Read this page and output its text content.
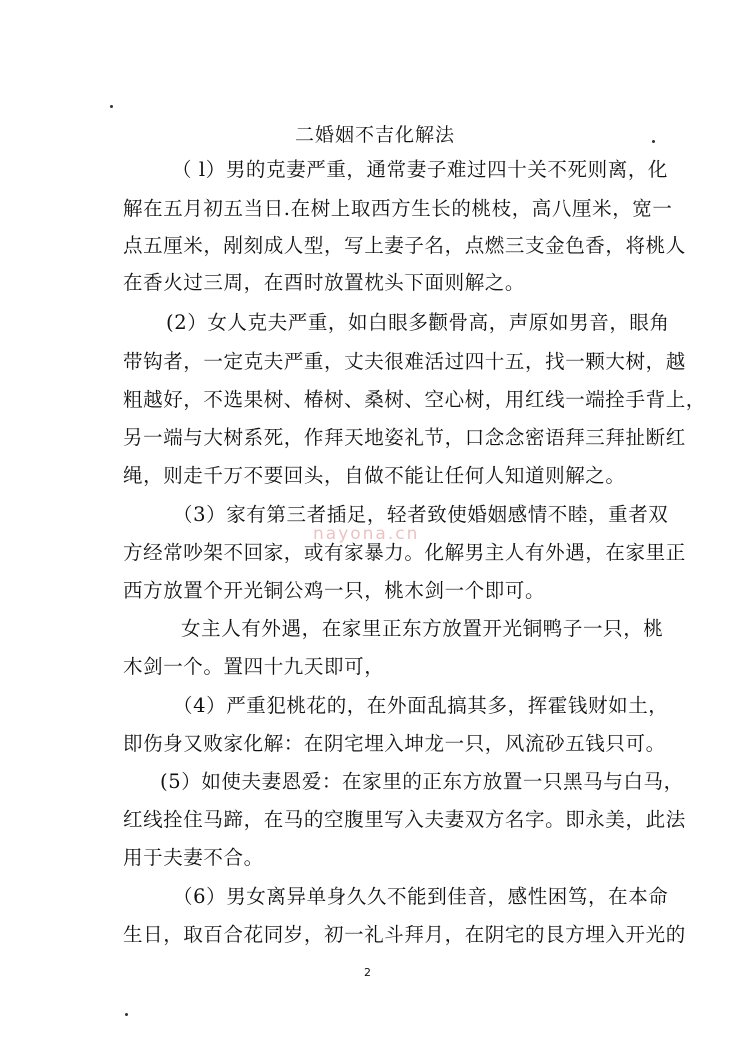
二婚姻不吉化解法
（ l）男的克妻严重，通常妻子难过四十关不死则离，化
解在五月初五当日.在树上取西方生长的桃枝，高八厘米，宽一
点五厘米，剐刻成人型，写上妻子名，点燃三支金色香，将桃人
在香火过三周，在酉时放置枕头下面则解之。
(2）女人克夫严重，如白眼多颧骨高，声原如男音，眼角
带钩者，一定克夫严重，丈夫很难活过四十五，找一颗大树，越
粗越好，不选果树、椿树、桑树、空心树，用红线一端拴手背上，
另一端与大树系死，作拜天地姿礼节，口念念密语拜三拜扯断红
绳，则走千万不要回头，自做不能让任何人知道则解之。
（3）家有第三者插足，轻者致使婚姻感情不睦，重者双
方经常吵架不回家，或有家暴力。化解男主人有外遇，在家里正
西方放置个开光铜公鸡一只，桃木剑一个即可。
女主人有外遇，在家里正东方放置开光铜鸭子一只，桃
木剑一个。置四十九天即可，
（4）严重犯桃花的，在外面乱搞其多，挥霍钱财如土，
即伤身又败家化解：在阴宅埋入坤龙一只，风流砂五钱只可。
(5）如使夫妻恩爱：在家里的正东方放置一只黑马与白马，
红线拴住马蹄，在马的空腹里写入夫妻双方名字。即永美，此法
用于夫妻不合。
（6）男女离异单身久久不能到佳音，感性困笃，在本命
生日，取百合花同岁，初一礼斗拜月，在阴宅的艮方埋入开光的
nayona.cn
2
